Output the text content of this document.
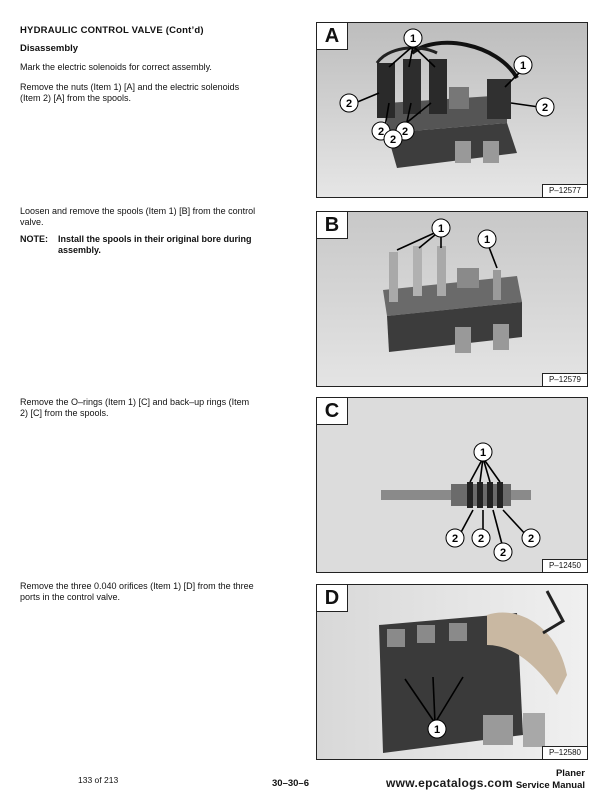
HYDRAULIC CONTROL VALVE (Cont’d)
Disassembly
Mark the electric solenoids for correct assembly.
Remove the nuts (Item 1) [A] and the electric solenoids
(Item 2) [A] from the spools.
Loosen and remove the spools (Item 1) [B] from the control
valve.
NOTE: Install the spools in their original bore during
assembly.
Remove the O–rings (Item 1) [C] and back–up rings (Item
2) [C] from the spools.
Remove the three 0.040 orifices (Item 1) [D] from the three
ports in the control valve.
A
P–12577
1
1
2	2
2 2
2
B
P–12579
1
1
C
P–12450
1
2 2
2
2
D
P–12580
1
133 of 213	30–30–6
Planer
Service Manual
www.epcatalogs.com
